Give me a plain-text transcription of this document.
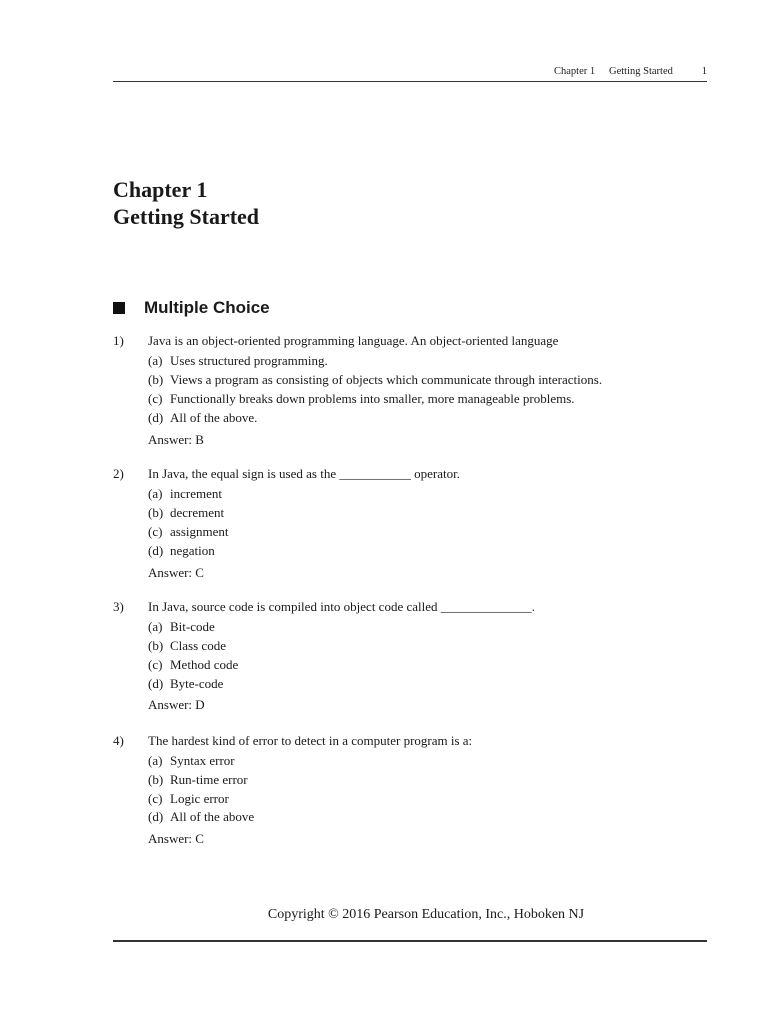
Chapter 1 Getting Started	1
Chapter 1
Getting Started
Multiple Choice
1) Java is an object-oriented programming language. An object-oriented language
(a) Uses structured programming.
(b) Views a program as consisting of objects which communicate through interactions.
(c) Functionally breaks down problems into smaller, more manageable problems.
(d) All of the above.
Answer: B
2) In Java, the equal sign is used as the ___________ operator.
(a) increment
(b) decrement
(c) assignment
(d) negation
Answer: C
3) In Java, source code is compiled into object code called ______________.
(a) Bit-code
(b) Class code
(c) Method code
(d) Byte-code
Answer: D
4) The hardest kind of error to detect in a computer program is a:
(a) Syntax error
(b) Run-time error
(c) Logic error
(d) All of the above
Answer: C
Copyright © 2016 Pearson Education, Inc., Hoboken NJ
